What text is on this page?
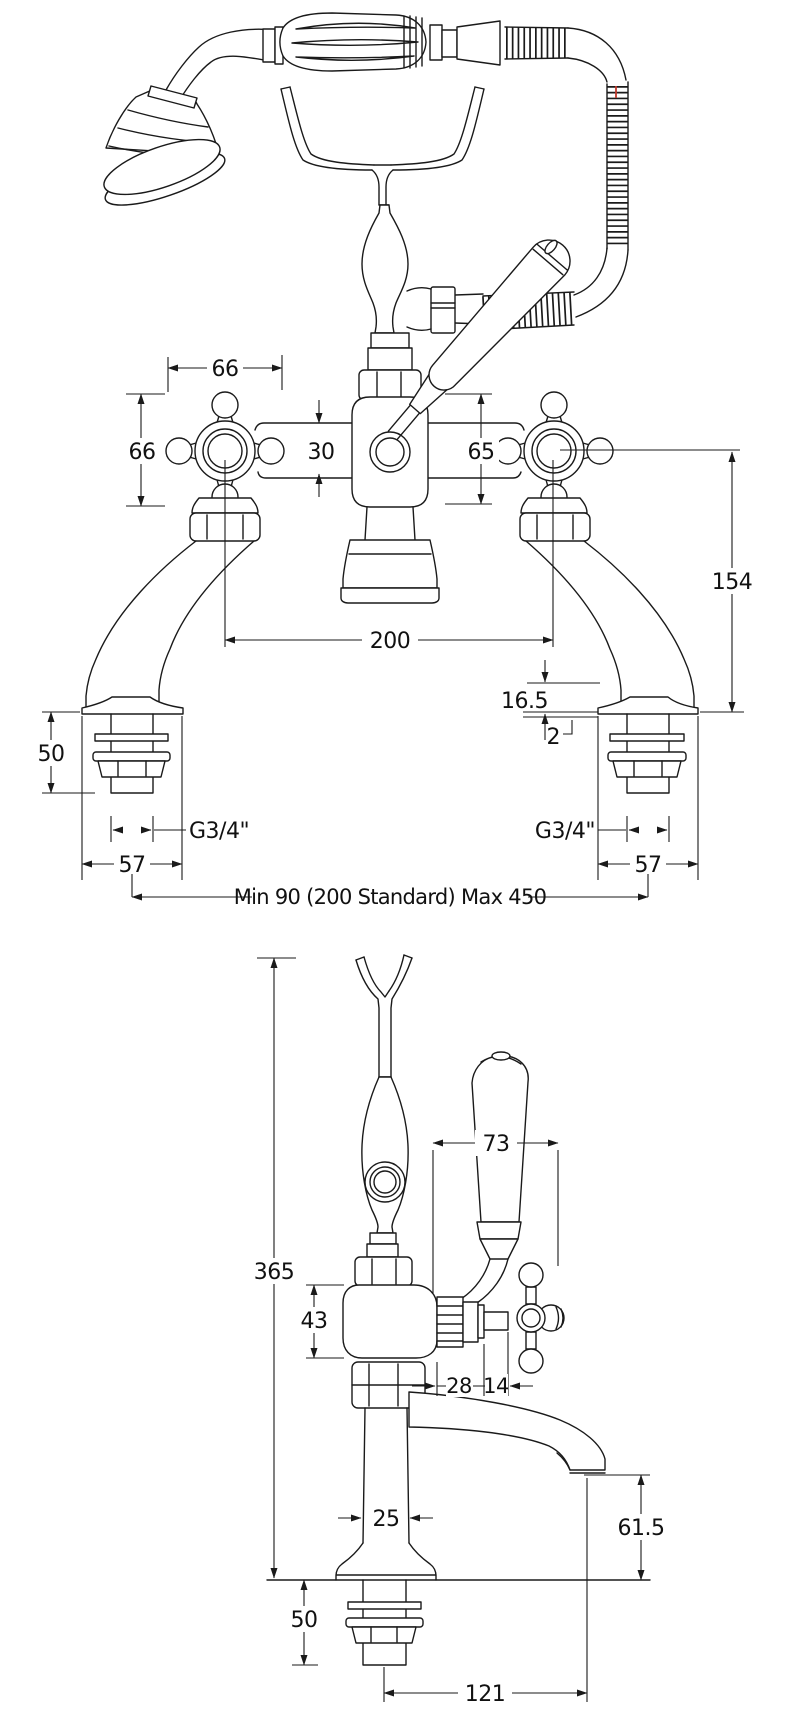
66
66	30	65
154
200
16.5
2
50
G3/4"	G3/4"
57	57
Min 90 (200 Standard) Max 450
365
73
43
28 14
25	61.5
50
121
